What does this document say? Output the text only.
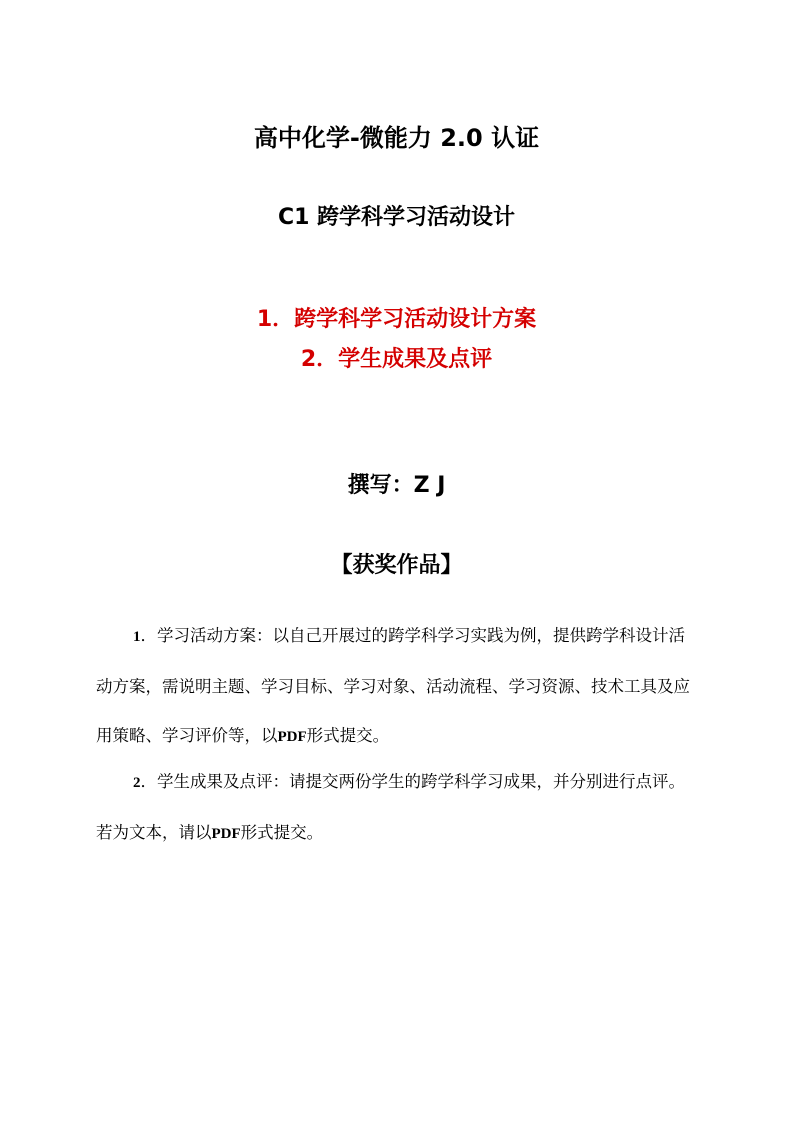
高中化学-微能力 2.0 认证
C1 跨学科学习活动设计
1．跨学科学习活动设计方案
2．学生成果及点评
撰写：Z J
【获奖作品】
1．学习活动方案：以自己开展过的跨学科学习实践为例，提供跨学科设计活动方案，需说明主题、学习目标、学习对象、活动流程、学习资源、技术工具及应用策略、学习评价等，以PDF形式提交。
2．学生成果及点评：请提交两份学生的跨学科学习成果，并分别进行点评。若为文本，请以PDF形式提交。
